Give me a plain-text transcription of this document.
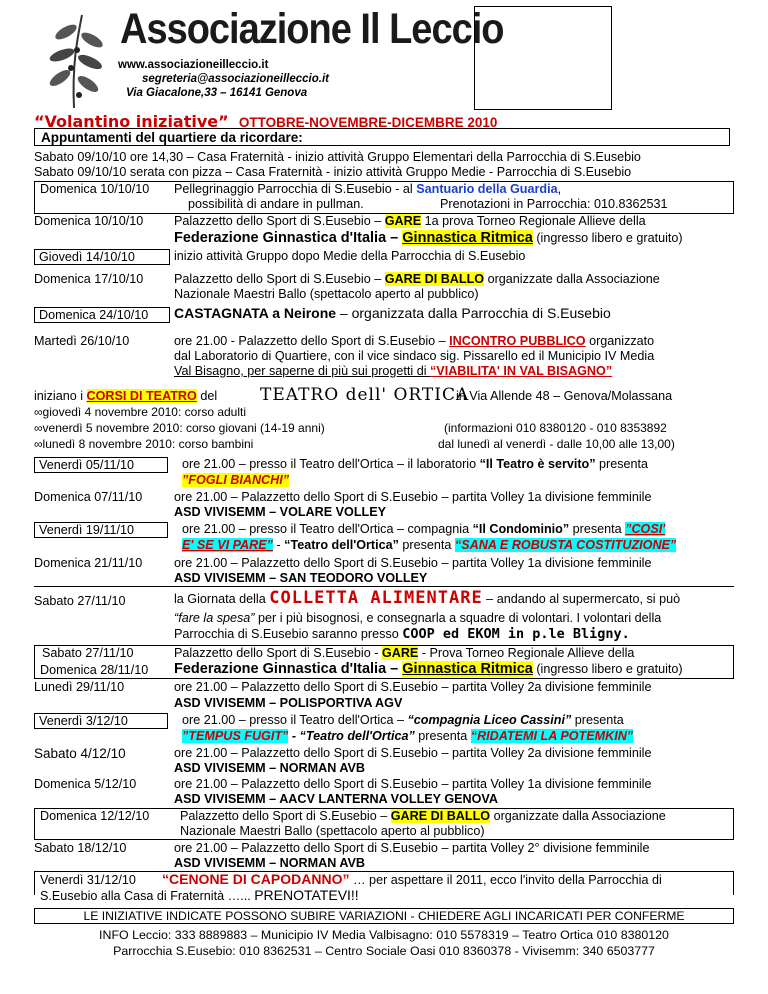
Associazione Il Leccio
www.associazioneilleccio.it
segreteria@associazioneilleccio.it
Via Giacalone,33 – 16141 Genova
“Volantino iniziative” OTTOBRE-NOVEMBRE-DICEMBRE 2010
Appuntamenti del quartiere da ricordare:
Sabato 09/10/10 ore 14,30 – Casa Fraternità - inizio attività Gruppo Elementari della Parrocchia di S.Eusebio
Sabato 09/10/10 serata con pizza – Casa Fraternità - inizio attività Gruppo Medie - Parrocchia di S.Eusebio
Domenica 10/10/10 Pellegrinaggio Parrocchia di S.Eusebio - al Santuario della Guardia,
possibilità di andare in pullman.	Prenotazioni in Parrocchia: 010.8362531
Domenica 10/10/10 Palazzetto dello Sport di S.Eusebio – GARE 1a prova Torneo Regionale Allieve della
Federazione Ginnastica d'Italia – Ginnastica Ritmica (ingresso libero e gratuito)
Giovedì 14/10/10	inizio attività Gruppo dopo Medie della Parrocchia di S.Eusebio
Domenica 17/10/10 Palazzetto dello Sport di S.Eusebio – GARE DI BALLO organizzate dalla Associazione
Nazionale Maestri Ballo (spettacolo aperto al pubblico)
Domenica 24/10/10	CASTAGNATA a Neirone – organizzata dalla Parrocchia di S.Eusebio
Martedì 26/10/10	ore 21.00 - Palazzetto dello Sport di S.Eusebio – INCONTRO PUBBLICO organizzato
dal Laboratorio di Quartiere, con il vice sindaco sig. Pissarello ed il Municipio IV Media
Val Bisagno, per saperne di più sui progetti di “VIABILITA' IN VAL BISAGNO”
iniziano i CORSI DI TEATRO del	TEATRO dell' ORTICA
in Via Allende 48 – Genova/Molassana
∞giovedì 4 novembre 2010: corso adulti
∞venerdì 5 novembre 2010: corso giovani (14-19 anni)	(informazioni 010 8380120 - 010 8353892
∞lunedì 8 novembre 2010: corso bambini	dal lunedì al venerdì - dalle 10,00 alle 13,00)
Venerdì 05/11/10	ore 21.00 – presso il Teatro dell'Ortica – il laboratorio “Il Teatro è servito” presenta
”FOGLI BIANCHI”
Domenica 07/11/10	ore 21.00 – Palazzetto dello Sport di S.Eusebio – partita Volley 1a divisione femminile
ASD VIVISEMM – VOLARE VOLLEY
Venerdì 19/11/10	ore 21.00 – presso il Teatro dell'Ortica – compagnia “Il Condominio” presenta ”COSI'
E' SE VI PARE” - “Teatro dell'Ortica” presenta “SANA E ROBUSTA COSTITUZIONE”
Domenica 21/11/10	ore 21.00 – Palazzetto dello Sport di S.Eusebio – partita Volley 1a divisione femminile
ASD VIVISEMM – SAN TEODORO VOLLEY
Sabato 27/11/10	la Giornata della COLLETTA ALIMENTARE – andando al supermercato, si può
“fare la spesa” per i più bisognosi, e consegnarla a squadre di volontari. I volontari della
Parrocchia di S.Eusebio saranno presso COOP ed EKOM in p.le Bligny.
Sabato 27/11/10	Palazzetto dello Sport di S.Eusebio - GARE - Prova Torneo Regionale Allieve della
Domenica 28/11/10 Federazione Ginnastica d'Italia – Ginnastica Ritmica (ingresso libero e gratuito)
Lunedì 29/11/10	ore 21.00 – Palazzetto dello Sport di S.Eusebio – partita Volley 2a divisione femminile
ASD VIVISEMM – POLISPORTIVA AGV
Venerdì 3/12/10	ore 21.00 – presso il Teatro dell'Ortica – “compagnia Liceo Cassini” presenta
”TEMPUS FUGIT” - “Teatro dell'Ortica” presenta “RIDATEMI LA POTEMKIN”
Sabato 4/12/10	ore 21.00 – Palazzetto dello Sport di S.Eusebio – partita Volley 2a divisione femminile
ASD VIVISEMM – NORMAN AVB
Domenica 5/12/10	ore 21.00 – Palazzetto dello Sport di S.Eusebio – partita Volley 1a divisione femminile
ASD VIVISEMM – AACV LANTERNA VOLLEY GENOVA
Domenica 12/12/10 Palazzetto dello Sport di S.Eusebio – GARE DI BALLO organizzate dalla Associazione
Nazionale Maestri Ballo (spettacolo aperto al pubblico)
Sabato 18/12/10	ore 21.00 – Palazzetto dello Sport di S.Eusebio – partita Volley 2° divisione femminile
ASD VIVISEMM – NORMAN AVB
Venerdì 31/12/10 “CENONE DI CAPODANNO” … per aspettare il 2011, ecco l'invito della Parrocchia di
S.Eusebio alla Casa di Fraternità …... PRENOTATEVI!!
LE INIZIATIVE INDICATE POSSONO SUBIRE VARIAZIONI - CHIEDERE AGLI INCARICATI PER CONFERME
INFO Leccio: 333 8889883 – Municipio IV Media Valbisagno: 010 5578319 – Teatro Ortica 010 8380120
Parrocchia S.Eusebio: 010 8362531 – Centro Sociale Oasi 010 8360378 - Vivisemm: 340 6503777
